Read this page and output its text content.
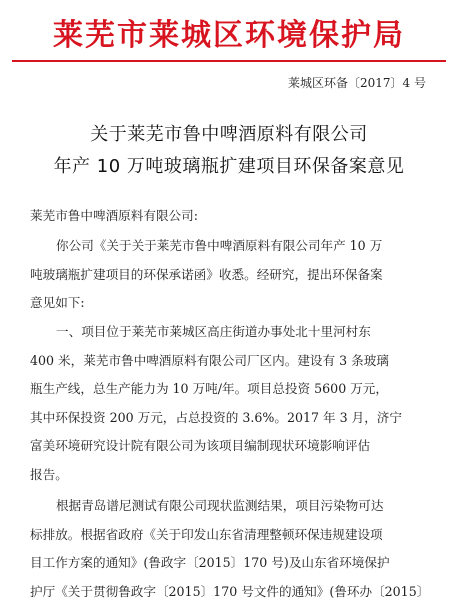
莱芜市莱城区环境保护局
莱城区环备〔2017〕4 号
关于莱芜市鲁中啤酒原料有限公司
年产 10 万吨玻璃瓶扩建项目环保备案意见
莱芜市鲁中啤酒原料有限公司:
你公司《关于关于莱芜市鲁中啤酒原料有限公司年产 10 万
吨玻璃瓶扩建项目的环保承诺函》收悉。经研究，提出环保备案
意见如下:
一、项目位于莱芜市莱城区高庄街道办事处北十里河村东
400 米，莱芜市鲁中啤酒原料有限公司厂区内。建设有 3 条玻璃
瓶生产线，总生产能力为 10 万吨/年。项目总投资 5600 万元，
其中环保投资 200 万元，占总投资的 3.6%。2017 年 3 月，济宁
富美环境研究设计院有限公司为该项目编制现状环境影响评估
报告。
根据青岛谱尼测试有限公司现状监测结果，项目污染物可达
标排放。根据省政府《关于印发山东省清理整顿环保违规建设项
目工作方案的通知》(鲁政字〔2015〕170 号)及山东省环境保护
护厅《关于贯彻鲁政字〔2015〕170 号文件的通知》(鲁环办〔2015〕
